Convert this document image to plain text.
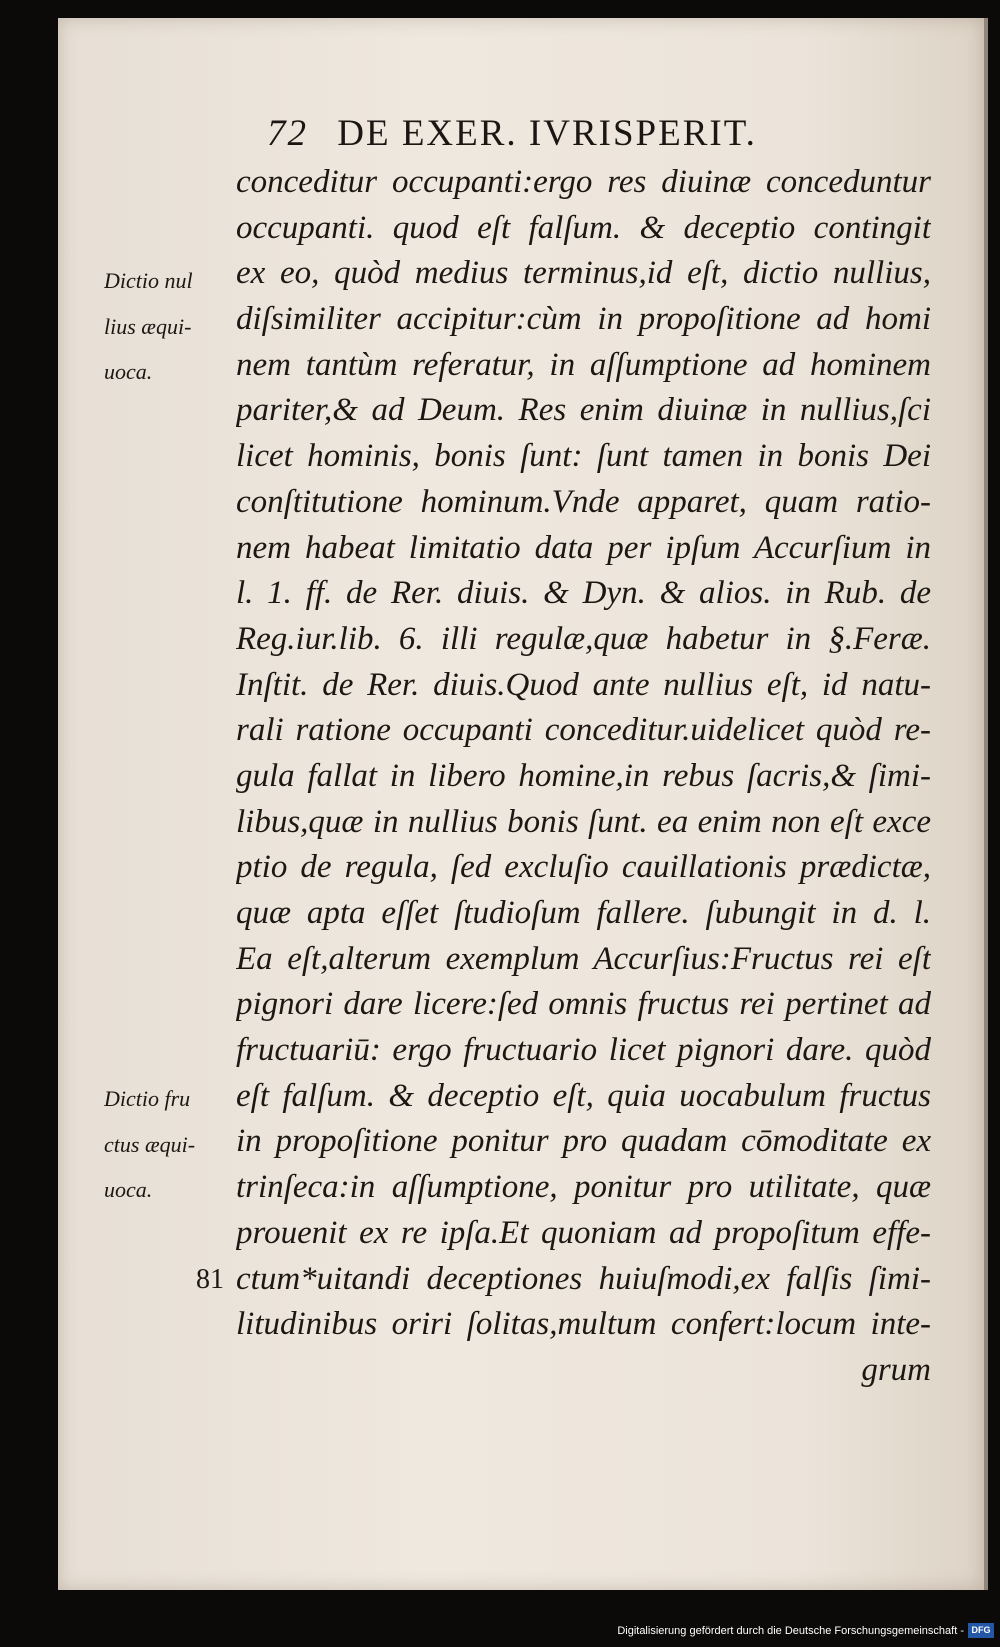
72 DE EXER. IVRISPERIT.
conceditur occupanti:ergo res diuinæ conceduntur
occupanti. quod eſt falſum. & deceptio contingit
ex eo, quòd medius terminus,id eſt, dictio nullius,
diſsimiliter accipitur:cùm in propoſitione ad homi
nem tantùm referatur, in aſſumptione ad hominem
pariter,& ad Deum. Res enim diuinæ in nullius,ſci
licet hominis, bonis ſunt: ſunt tamen in bonis Dei
conſtitutione hominum.Vnde apparet, quam ratio-
nem habeat limitatio data per ipſum Accurſium in
l. 1. ff. de Rer. diuis. & Dyn. & alios. in Rub. de
Reg.iur.lib. 6. illi regulæ,quæ habetur in §.Feræ.
Inſtit. de Rer. diuis.Quod ante nullius eſt, id natu-
rali ratione occupanti conceditur.uidelicet quòd re-
gula fallat in libero homine,in rebus ſacris,& ſimi-
libus,quæ in nullius bonis ſunt. ea enim non eſt exce
ptio de regula, ſed excluſio cauillationis prædictæ,
quæ apta eſſet ſtudioſum fallere. ſubungit in d. l.
Ea eſt,alterum exemplum Accurſius:Fructus rei eſt
pignori dare licere:ſed omnis fructus rei pertinet ad
fructuariū: ergo fructuario licet pignori dare. quòd
eſt falſum. & deceptio eſt, quia uocabulum fructus
in propoſitione ponitur pro quadam cōmoditate ex
trinſeca:in aſſumptione, ponitur pro utilitate, quæ
prouenit ex re ipſa.Et quoniam ad propoſitum effe-
ctum*uitandi deceptiones huiuſmodi,ex falſis ſimi-
litudinibus oriri ſolitas,multum confert:locum inte-
grum
Dictio nul
lius æqui-
uoca.
Dictio fru
ctus æqui-
uoca.
81
Digitalisierung gefördert durch die Deutsche Forschungsgemeinschaft - DFG
